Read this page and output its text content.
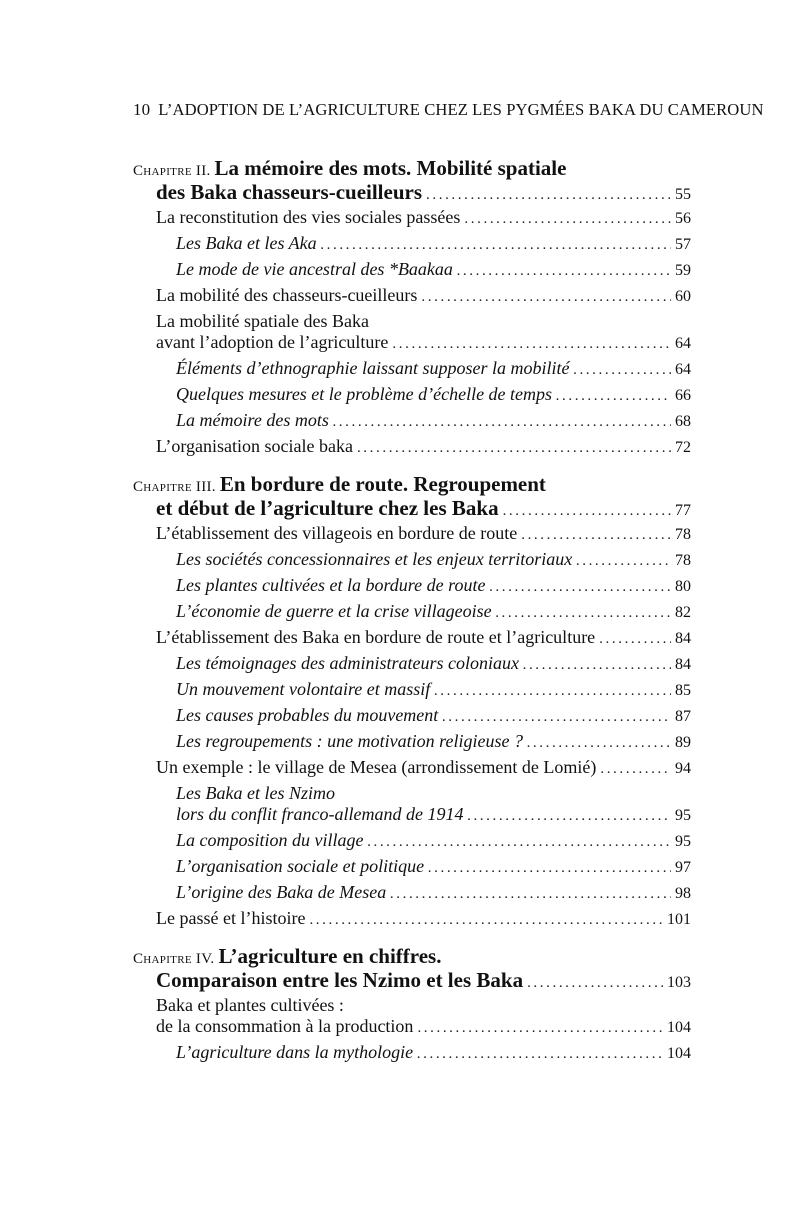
10 L’ADOPTION DE L’AGRICULTURE CHEZ LES PYGMÉES BAKA DU CAMEROUN
Chapitre II. La mémoire des mots. Mobilité spatiale
des Baka chasseurs-cueilleurs .....	55
La reconstitution des vies sociales passées .....	56
Les Baka et les Aka .....	57
Le mode de vie ancestral des *Baakaa .....	59
La mobilité des chasseurs-cueilleurs .....	60
La mobilité spatiale des Baka
avant l’adoption de l’agriculture .....	64
Éléments d’ethnographie laissant supposer la mobilité .....	64
Quelques mesures et le problème d’échelle de temps .....	66
La mémoire des mots .....	68
L’organisation sociale baka .....	72
Chapitre III. En bordure de route. Regroupement
et début de l’agriculture chez les Baka .....	77
L’établissement des villageois en bordure de route .....	78
Les sociétés concessionnaires et les enjeux territoriaux .....	78
Les plantes cultivées et la bordure de route .....	80
L’économie de guerre et la crise villageoise .....	82
L’établissement des Baka en bordure de route et l’agriculture .....	84
Les témoignages des administrateurs coloniaux .....	84
Un mouvement volontaire et massif .....	85
Les causes probables du mouvement .....	87
Les regroupements : une motivation religieuse ? .....	89
Un exemple : le village de Mesea (arrondissement de Lomié) .....	94
Les Baka et les Nzimo
lors du conflit franco-allemand de 1914 .....	95
La composition du village .....	95
L’organisation sociale et politique .....	97
L’origine des Baka de Mesea .....	98
Le passé et l’histoire .....	101
Chapitre IV. L’agriculture en chiffres.
Comparaison entre les Nzimo et les Baka .....	103
Baka et plantes cultivées :
de la consommation à la production .....	104
L’agriculture dans la mythologie .....	104
